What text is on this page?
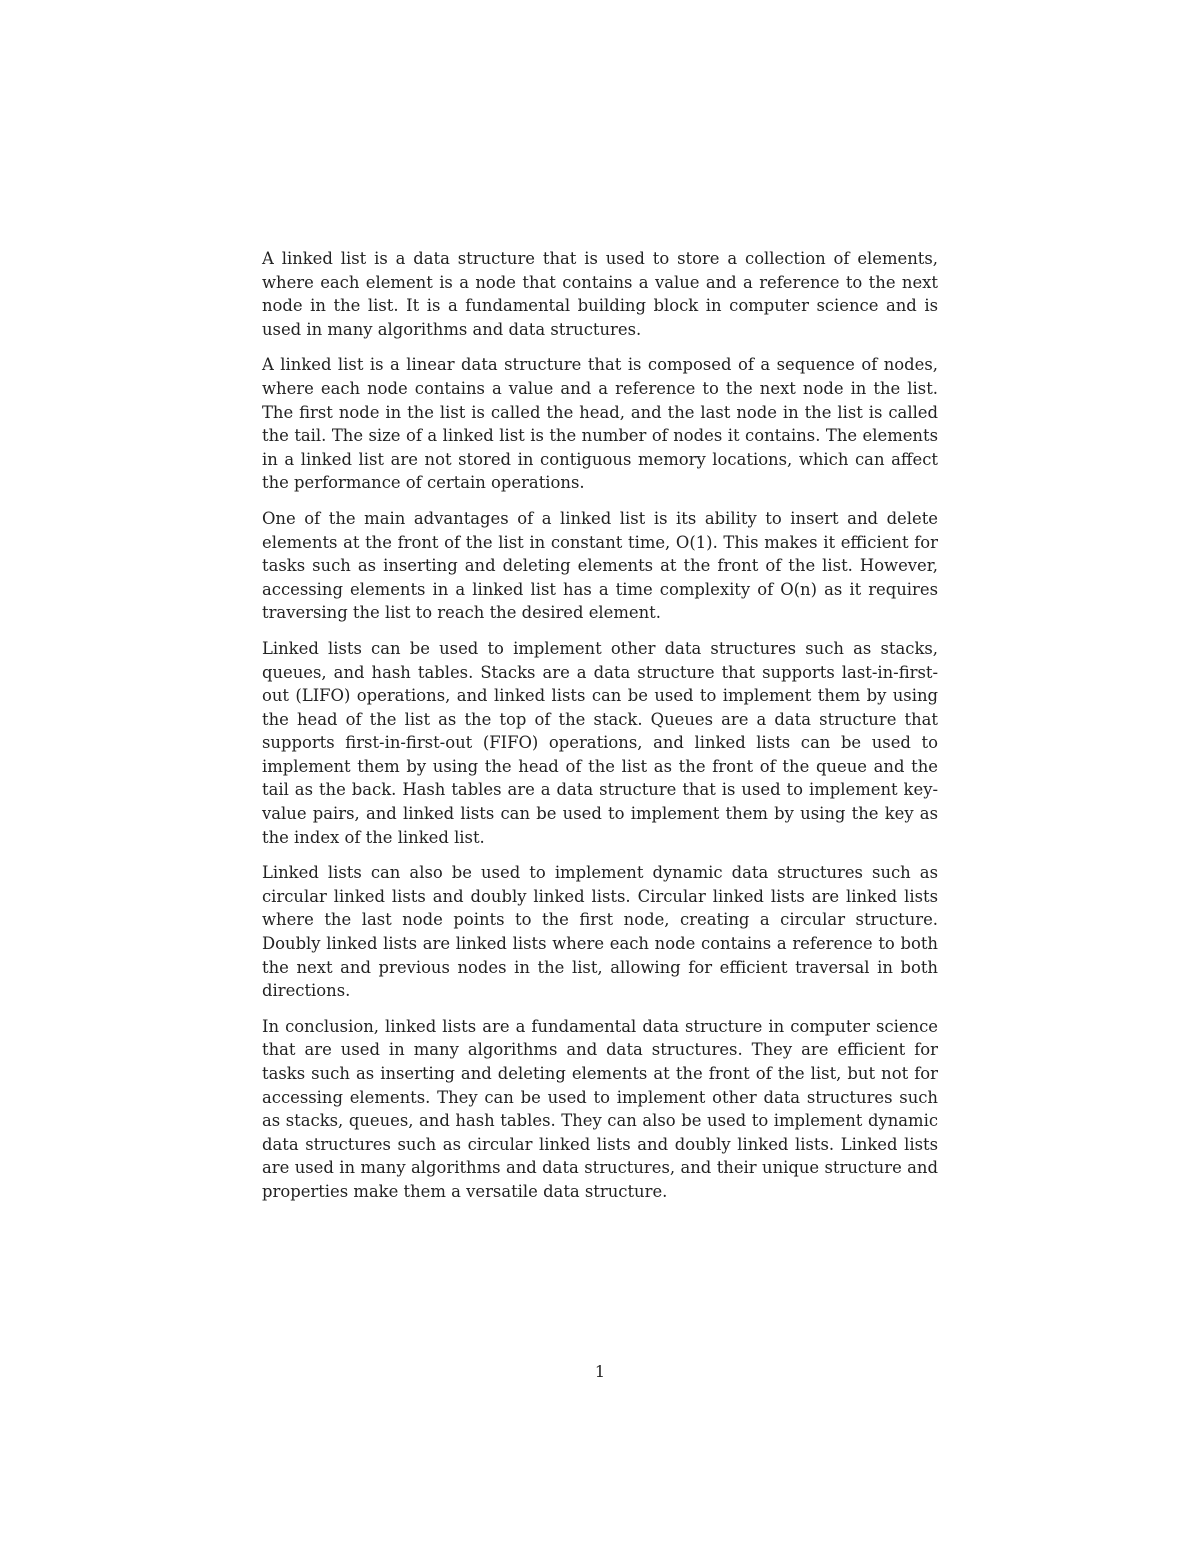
A linked list is a data structure that is used to store a collection of elements, where each element is a node that contains a value and a reference to the next node in the list. It is a fundamental building block in computer science and is used in many algorithms and data structures.

A linked list is a linear data structure that is composed of a sequence of nodes, where each node contains a value and a reference to the next node in the list. The first node in the list is called the head, and the last node in the list is called the tail. The size of a linked list is the number of nodes it contains. The elements in a linked list are not stored in contiguous memory locations, which can affect the performance of certain operations.

One of the main advantages of a linked list is its ability to insert and delete elements at the front of the list in constant time, O(1). This makes it efficient for tasks such as inserting and deleting elements at the front of the list. However, accessing elements in a linked list has a time complexity of O(n) as it requires traversing the list to reach the desired element.

Linked lists can be used to implement other data structures such as stacks, queues, and hash tables. Stacks are a data structure that supports last-in-first-out (LIFO) operations, and linked lists can be used to implement them by using the head of the list as the top of the stack. Queues are a data structure that supports first-in-first-out (FIFO) operations, and linked lists can be used to implement them by using the head of the list as the front of the queue and the tail as the back. Hash tables are a data structure that is used to implement key-value pairs, and linked lists can be used to implement them by using the key as the index of the linked list.

Linked lists can also be used to implement dynamic data structures such as circular linked lists and doubly linked lists. Circular linked lists are linked lists where the last node points to the first node, creating a circular structure. Doubly linked lists are linked lists where each node contains a reference to both the next and previous nodes in the list, allowing for efficient traversal in both directions.

In conclusion, linked lists are a fundamental data structure in computer science that are used in many algorithms and data structures. They are efficient for tasks such as inserting and deleting elements at the front of the list, but not for accessing elements. They can be used to implement other data structures such as stacks, queues, and hash tables. They can also be used to implement dynamic data structures such as circular linked lists and doubly linked lists. Linked lists are used in many algorithms and data structures, and their unique structure and properties make them a versatile data structure.

1
